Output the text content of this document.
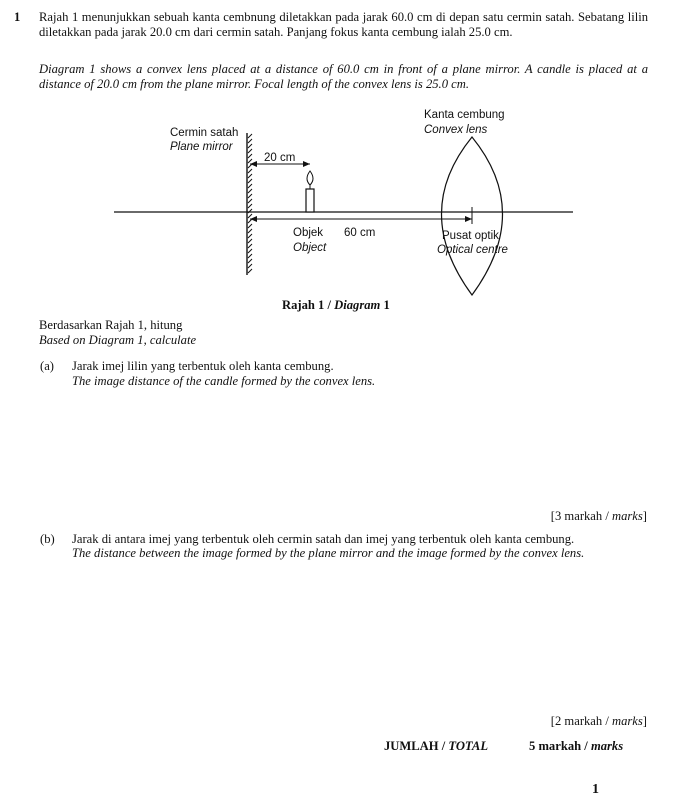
1 Rajah 1 menunjukkan sebuah kanta cembnung diletakkan pada jarak 60.0 cm di depan satu cermin satah. Sebatang lilin diletakkan pada jarak 20.0 cm dari cermin satah. Panjang fokus kanta cembung ialah 25.0 cm.
Diagram 1 shows a convex lens placed at a distance of 60.0 cm in front of a plane mirror. A candle is placed at a distance of 20.0 cm from the plane mirror. Focal length of the convex lens is 25.0 cm.
Cermin satah
Plane mirror
Kanta cembung
Convex lens
20 cm
Objek
Object
60 cm	Pusat optik
Optical centre
Rajah 1 / Diagram 1
Berdasarkan Rajah 1, hitung
Based on Diagram 1, calculate
(a) Jarak imej lilin yang terbentuk oleh kanta cembung.
The image distance of the candle formed by the convex lens.
[3 markah / marks]
(b) Jarak di antara imej yang terbentuk oleh cermin satah dan imej yang terbentuk oleh kanta cembung.
The distance between the image formed by the plane mirror and the image formed by the convex lens.
[2 markah / marks]
JUMLAH / TOTAL	5 markah / marks
1
